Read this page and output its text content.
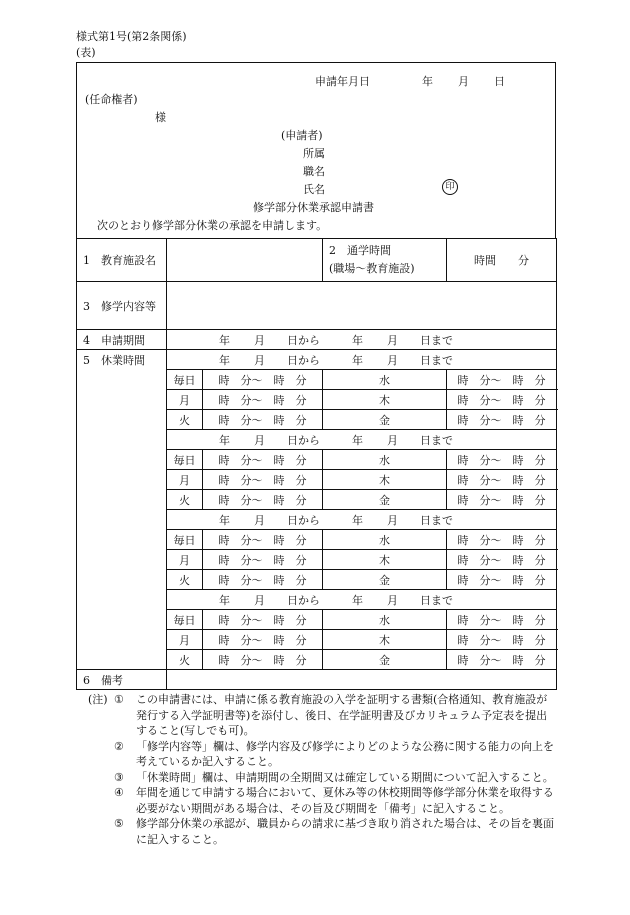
様式第1号(第2条関係)
(表)
申請年月日	年 月 日
(任命権者)
様
(申請者)
所属
職名
氏名	印
修学部分休業承認申請書
次のとおり修学部分休業の承認を申請します。
1　教育施設名			2　通学時間
(職場～教育施設)	時間　　分
3　修学内容等				
4　申請期間	年 月 日から 年 月 日まで			
5　休業時間	年 月 日から 年 月 日まで			
	毎日	時　分～　時　分	水	時　分～　時　分
	月	時　分～　時　分	木	時　分～　時　分
	火	時　分～　時　分	金	時　分～　時　分
	年 月 日から 年 月 日まで			
	毎日	時　分～　時　分	水	時　分～　時　分
	月	時　分～　時　分	木	時　分～　時　分
	火	時　分～　時　分	金	時　分～　時　分
	年 月 日から 年 月 日まで			
	毎日	時　分～　時　分	水	時　分～　時　分
	月	時　分～　時　分	木	時　分～　時　分
	火	時　分～　時　分	金	時　分～　時　分
	年 月 日から 年 月 日まで			
	毎日	時　分～　時　分	水	時　分～　時　分
	月	時　分～　時　分	木	時　分～　時　分
	火	時　分～　時　分	金	時　分～　時　分
6　備考				
(注) ①	この申請書には、申請に係る教育施設の入学を証明する書類(合格通知、教育施設が発行する入学証明書等)を添付し、後日、在学証明書及びカリキュラム予定表を提出すること(写しでも可)。
②	「修学内容等」欄は、修学内容及び修学によりどのような公務に関する能力の向上を考えているか記入すること。
③	「休業時間」欄は、申請期間の全期間又は確定している期間について記入すること。
④	年間を通じて申請する場合において、夏休み等の休校期間等修学部分休業を取得する必要がない期間がある場合は、その旨及び期間を「備考」に記入すること。
⑤	修学部分休業の承認が、職員からの請求に基づき取り消された場合は、その旨を裏面に記入すること。
